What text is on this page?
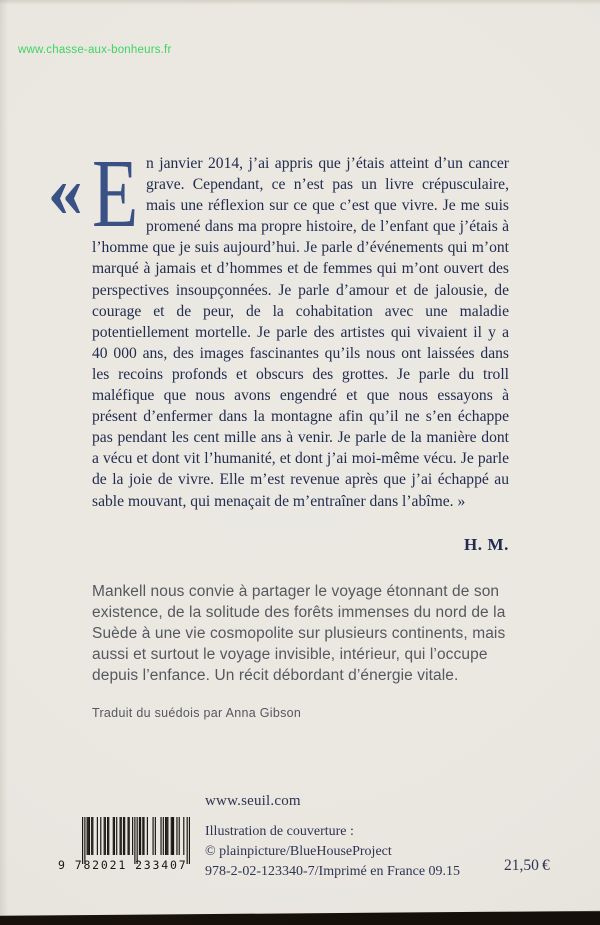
www.chasse-aux-bonheurs.fr
« E n janvier 2014, j’ai appris que j’étais atteint d’un cancer grave. Cependant, ce n’est pas un livre crépusculaire, mais une réflexion sur ce que c’est que vivre. Je me suis promené dans ma propre histoire, de l’enfant que j’étais à l’homme que je suis aujourd’hui. Je parle d’événements qui m’ont marqué à jamais et d’hommes et de femmes qui m’ont ouvert des perspectives insoupçonnées. Je parle d’amour et de jalousie, de courage et de peur, de la cohabitation avec une maladie potentiellement mortelle. Je parle des artistes qui vivaient il y a 40 000 ans, des images fascinantes qu’ils nous ont laissées dans les recoins profonds et obscurs des grottes. Je parle du troll maléfique que nous avons engendré et que nous essayons à présent d’enfermer dans la montagne afin qu’il ne s’en échappe pas pendant les cent mille ans à venir. Je parle de la manière dont a vécu et dont vit l’humanité, et dont j’ai moi-même vécu. Je parle de la joie de vivre. Elle m’est revenue après que j’ai échappé au sable mouvant, qui menaçait de m’entraîner dans l’abîme. »

H. M.

Mankell nous convie à partager le voyage étonnant de son existence, de la solitude des forêts immenses du nord de la Suède à une vie cosmopolite sur plusieurs continents, mais aussi et surtout le voyage invisible, intérieur, qui l’occupe depuis l’enfance. Un récit débordant d’énergie vitale.

Traduit du suédois par Anna Gibson
www.seuil.com
Illustration de couverture :
© plainpicture/BlueHouseProject
978-2-02-123340-7/Imprimé en France 09.15	21,50 €
9 782021 233407
